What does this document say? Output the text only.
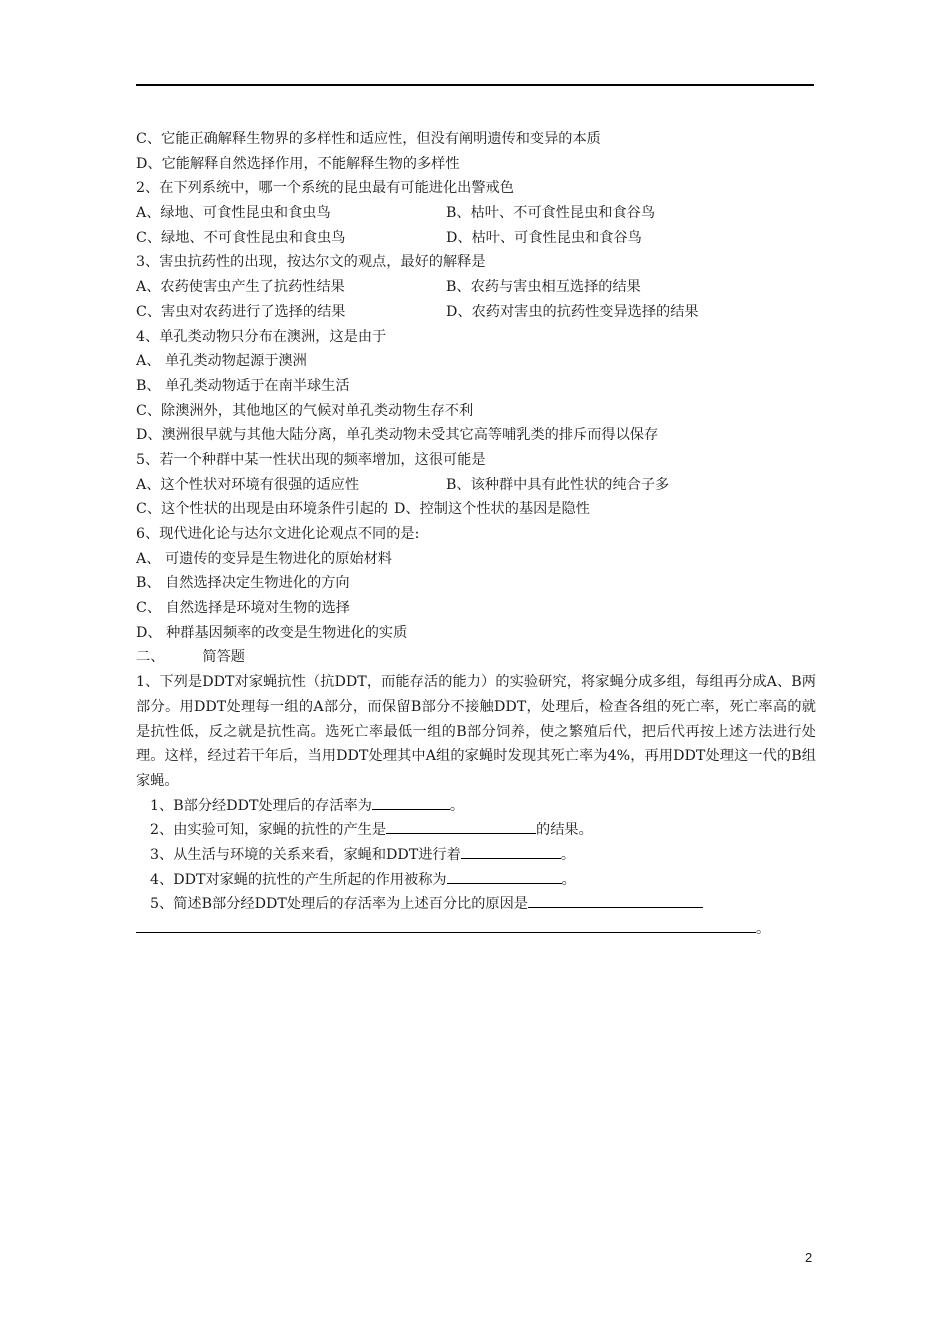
C、它能正确解释生物界的多样性和适应性，但没有阐明遗传和变异的本质
D、它能解释自然选择作用，不能解释生物的多样性
2、在下列系统中，哪一个系统的昆虫最有可能进化出警戒色
A、绿地、可食性昆虫和食虫鸟	B、枯叶、不可食性昆虫和食谷鸟
C、绿地、不可食性昆虫和食虫鸟	D、枯叶、可食性昆虫和食谷鸟
3、害虫抗药性的出现，按达尔文的观点，最好的解释是
A、农药使害虫产生了抗药性结果	B、农药与害虫相互选择的结果
C、害虫对农药进行了选择的结果	D、农药对害虫的抗药性变异选择的结果
4、单孔类动物只分布在澳洲，这是由于
A、 单孔类动物起源于澳洲
B、 单孔类动物适于在南半球生活
C、除澳洲外，其他地区的气候对单孔类动物生存不利
D、澳洲很早就与其他大陆分离，单孔类动物未受其它高等哺乳类的排斥而得以保存
5、若一个种群中某一性状出现的频率增加，这很可能是
A、这个性状对环境有很强的适应性	B、该种群中具有此性状的纯合子多
C、这个性状的出现是由环境条件引起的 D、控制这个性状的基因是隐性
6、现代进化论与达尔文进化论观点不同的是:
A、 可遗传的变异是生物进化的原始材料
B、 自然选择决定生物进化的方向
C、 自然选择是环境对生物的选择
D、 种群基因频率的改变是生物进化的实质
二、	简答题
1、下列是DDT对家蝇抗性（抗DDT，而能存活的能力）的实验研究，将家蝇分成多组，每组再分成A、B两部分。用DDT处理每一组的A部分，而保留B部分不接触DDT，处理后，检查各组的死亡率，死亡率高的就是抗性低，反之就是抗性高。选死亡率最低一组的B部分饲养，使之繁殖后代，把后代再按上述方法进行处理。这样，经过若干年后，当用DDT处理其中A组的家蝇时发现其死亡率为4%，再用DDT处理这一代的B组家蝇。
1、B部分经DDT处理后的存活率为	。
2、由实验可知，家蝇的抗性的产生是	的结果。
3、从生活与环境的关系来看，家蝇和DDT进行着	。
4、DDT对家蝇的抗性的产生所起的作用被称为	。
5、简述B部分经DDT处理后的存活率为上述百分比的原因是
。
2
